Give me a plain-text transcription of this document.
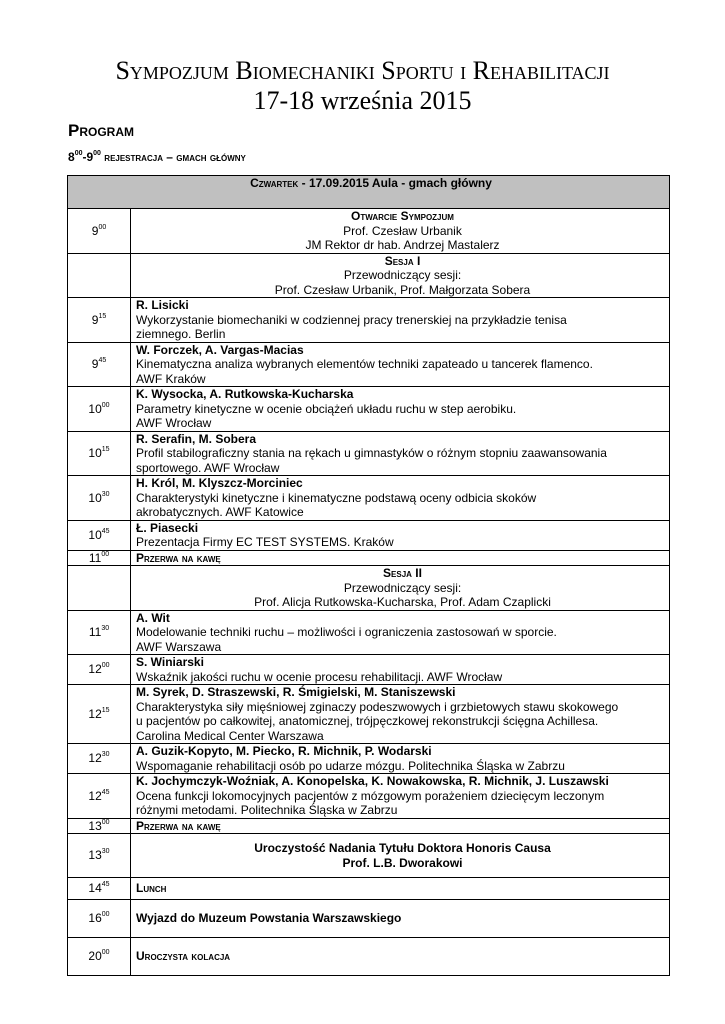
Sympozjum Biomechaniki Sportu i Rehabilitacji
17-18 września 2015
Program
$8^{00}-9^{00}$ rejestracja – gmach główny
Czwartek - 17.09.2015 Aula - gmach główny	
$9^{00}$	Otwarcie Sympozjum
Prof. Czesław Urbanik
JM Rektor dr hab. Andrzej Mastalerz

	Sesja I
Przewodniczący sesji:
Prof. Czesław Urbanik, Prof. Małgorzata Sobera

$9^{15}$	R. Lisicki
Wykorzystanie biomechaniki w codziennej pracy trenerskiej na przykładzie tenisa
ziemnego. Berlin

$9^{45}$	W. Forczek, A. Vargas-Macias
Kinematyczna analiza wybranych elementów techniki zapateado u tancerek flamenco.
AWF Kraków

$10^{00}$	K. Wysocka, A. Rutkowska-Kucharska
Parametry kinetyczne w ocenie obciążeń układu ruchu w step aerobiku.
AWF Wrocław

$10^{15}$	R. Serafin, M. Sobera
Profil stabilograficzny stania na rękach u gimnastyków o różnym stopniu zaawansowania
sportowego. AWF Wrocław

$10^{30}$	H. Król, M. Klyszcz-Morciniec
Charakterystyki kinetyczne i kinematyczne podstawą oceny odbicia skoków
akrobatycznych. AWF Katowice

$10^{45}$	Ł. Piasecki
Prezentacja Firmy EC TEST SYSTEMS. Kraków

$11^{00}$	Przerwa na kawę

	Sesja II
Przewodniczący sesji:
Prof. Alicja Rutkowska-Kucharska, Prof. Adam Czaplicki

$11^{30}$	A. Wit
Modelowanie techniki ruchu – możliwości i ograniczenia zastosowań w sporcie.
AWF Warszawa

$12^{00}$	S. Winiarski
Wskaźnik jakości ruchu w ocenie procesu rehabilitacji. AWF Wrocław

$12^{15}$	M. Syrek, D. Straszewski, R. Śmigielski, M. Staniszewski
Charakterystyka siły mięśniowej zginaczy podeszwowych i grzbietowych stawu skokowego
u pacjentów po całkowitej, anatomicznej, trójpęczkowej rekonstrukcji ścięgna Achillesa.
Carolina Medical Center Warszawa

$12^{30}$	A. Guzik-Kopyto, M. Piecko, R. Michnik, P. Wodarski
Wspomaganie rehabilitacji osób po udarze mózgu. Politechnika Śląska w Zabrzu

$12^{45}$	K. Jochymczyk-Woźniak, A. Konopelska, K. Nowakowska, R. Michnik, J. Luszawski
Ocena funkcji lokomocyjnych pacjentów z mózgowym porażeniem dziecięcym leczonym
różnymi metodami. Politechnika Śląska w Zabrzu

$13^{00}$	Przerwa na kawę
$13^{30}$	Uroczystość Nadania Tytułu Doktora Honoris Causa
Prof. L.B. Dworakowi

$14^{45}$	Lunch
$16^{00}$	Wyjazd do Muzeum Powstania Warszawskiego
$20^{00}$	Uroczysta kolacja
